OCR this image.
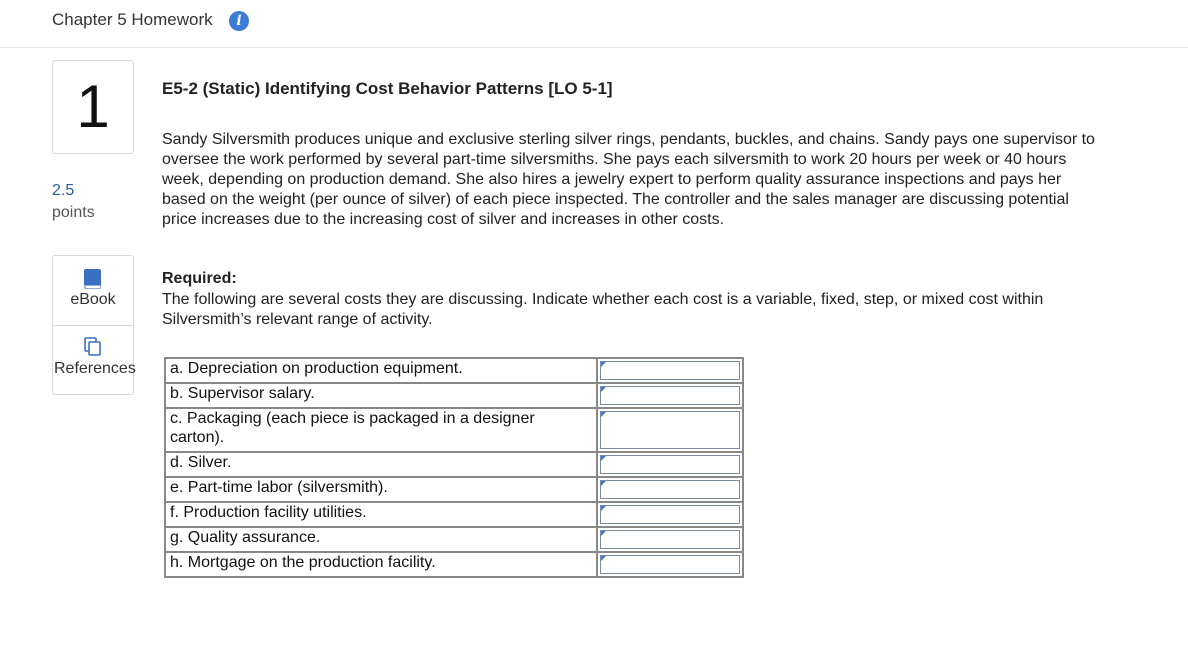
Chapter 5 Homework	i
1
2.5
points
eBook
References
E5-2 (Static) Identifying Cost Behavior Patterns [LO 5-1]
Sandy Silversmith produces unique and exclusive sterling silver rings, pendants, buckles, and chains. Sandy pays one supervisor to oversee the work performed by several part-time silversmiths. She pays each silversmith to work 20 hours per week or 40 hours week, depending on production demand. She also hires a jewelry expert to perform quality assurance inspections and pays her based on the weight (per ounce of silver) of each piece inspected. The controller and the sales manager are discussing potential price increases due to the increasing cost of silver and increases in other costs.
Required:
The following are several costs they are discussing. Indicate whether each cost is a variable, fixed, step, or mixed cost within Silversmith’s relevant range of activity.
a. Depreciation on production equipment.	

b. Supervisor salary.	

c. Packaging (each piece is packaged in a designer carton).	

d. Silver.	

e. Part-time labor (silversmith).	

f. Production facility utilities.	

g. Quality assurance.	

h. Mortgage on the production facility.	
